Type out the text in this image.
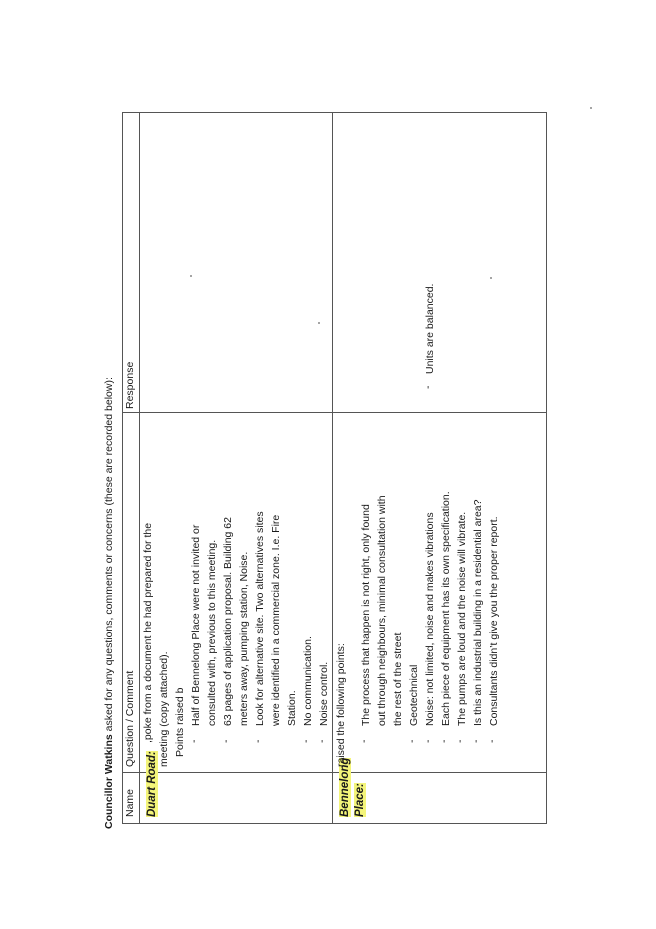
Councillor Watkins asked for any questions, comments or concerns (these are recorded below):
Name
Question / Comment
Response
Duart Road:
,poke from a document he had prepared for the meeting (copy attached). Points raised b -
Half of Bennelong Place were not invited or consulted with, previous to this meeting.
-
63 pages of application proposal. Building 62 meters away, pumping station, Noise.
-
Look for alternative site. Two alternatives sites were identified in a commercial zone. I.e. Fire Station.
-
No communication.
-
Noise control.
Bennelong Place:
raised the following points: -
The process that happen is not right, only found out through neighbours, minimal consultation with the rest of the street
-
Geotechnical
-
Noise: not limited, noise and makes vibrations
-
Each piece of equipment has its own specification.
-
The pumps are loud and the noise will vibrate.
-
Is this an industrial building in a residential area?
-
Consultants didn’t give you the proper report.
-
Units are balanced.
